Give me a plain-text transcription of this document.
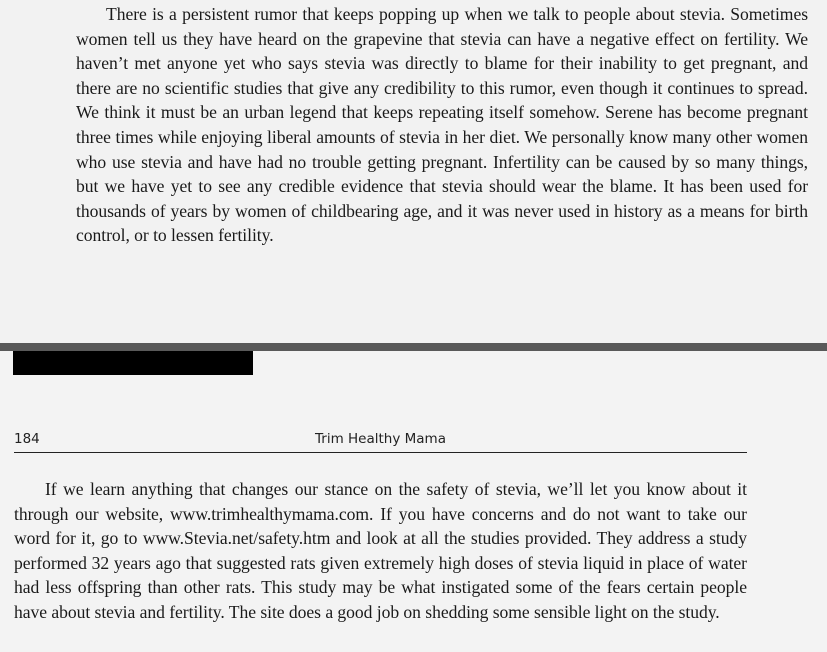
There is a persistent rumor that keeps popping up when we talk to people about stevia. Sometimes women tell us they have heard on the grapevine that stevia can have a negative effect on fertility. We haven’t met anyone yet who says stevia was directly to blame for their inability to get pregnant, and there are no scientific studies that give any credibility to this rumor, even though it continues to spread. We think it must be an urban legend that keeps repeating itself somehow. Serene has become pregnant three times while enjoying liberal amounts of stevia in her diet. We personally know many other women who use stevia and have had no trouble getting pregnant. Infertility can be caused by so many things, but we have yet to see any credible evidence that stevia should wear the blame. It has been used for thousands of years by women of childbearing age, and it was never used in history as a means for birth control, or to lessen fertility.

184	Trim Healthy Mama

If we learn anything that changes our stance on the safety of stevia, we’ll let you know about it through our website, www.trimhealthymama.com. If you have concerns and do not want to take our word for it, go to www.Stevia.net/safety.htm and look at all the studies provided. They address a study performed 32 years ago that suggested rats given extremely high doses of stevia liquid in place of water had less offspring than other rats. This study may be what instigated some of the fears certain people have about stevia and fertility. The site does a good job on shedding some sensible light on the study.
